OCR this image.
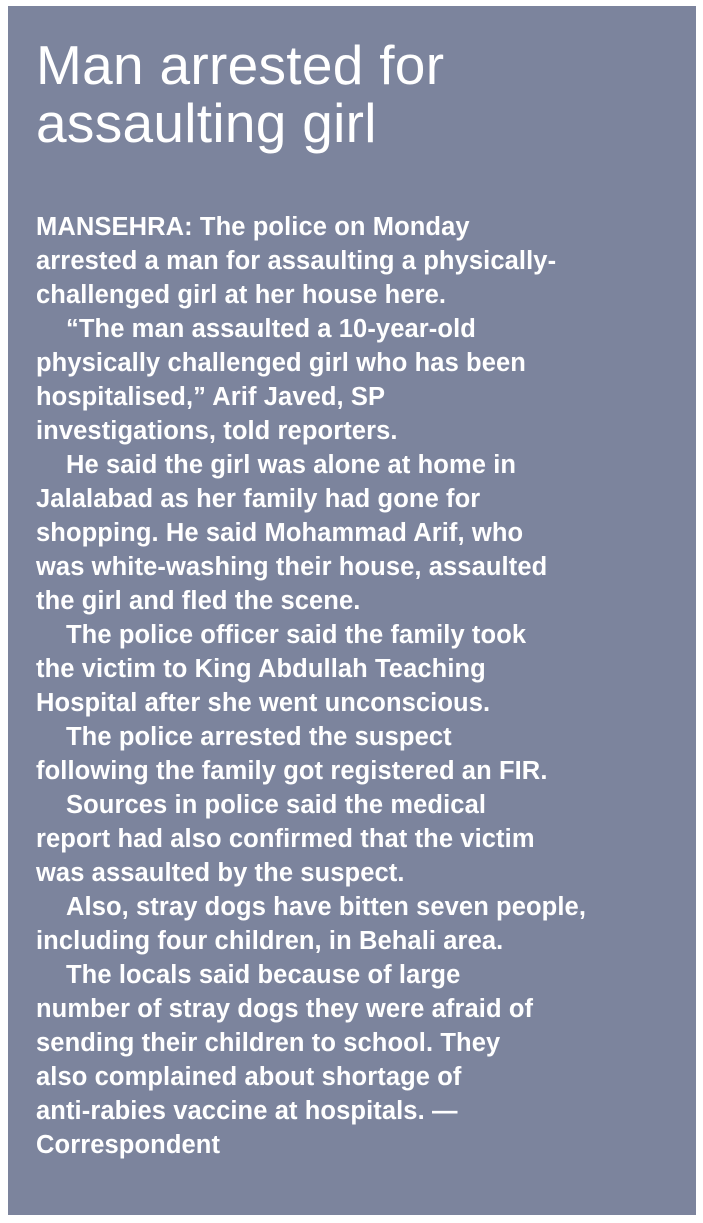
Man arrested for
assaulting girl

MANSEHRA: The police on Monday
arrested a man for assaulting a physically-
challenged girl at her house here.

“The man assaulted a 10-year-old
physically challenged girl who has been
hospitalised,” Arif Javed, SP
investigations, told reporters.

He said the girl was alone at home in
Jalalabad as her family had gone for
shopping. He said Mohammad Arif, who
was white-washing their house, assaulted
the girl and fled the scene.

The police officer said the family took
the victim to King Abdullah Teaching
Hospital after she went unconscious.

The police arrested the suspect
following the family got registered an FIR.

Sources in police said the medical
report had also confirmed that the victim
was assaulted by the suspect.

Also, stray dogs have bitten seven people,
including four children, in Behali area.

The locals said because of large
number of stray dogs they were afraid of
sending their children to school. They
also complained about shortage of
anti-rabies vaccine at hospitals. —
Correspondent
